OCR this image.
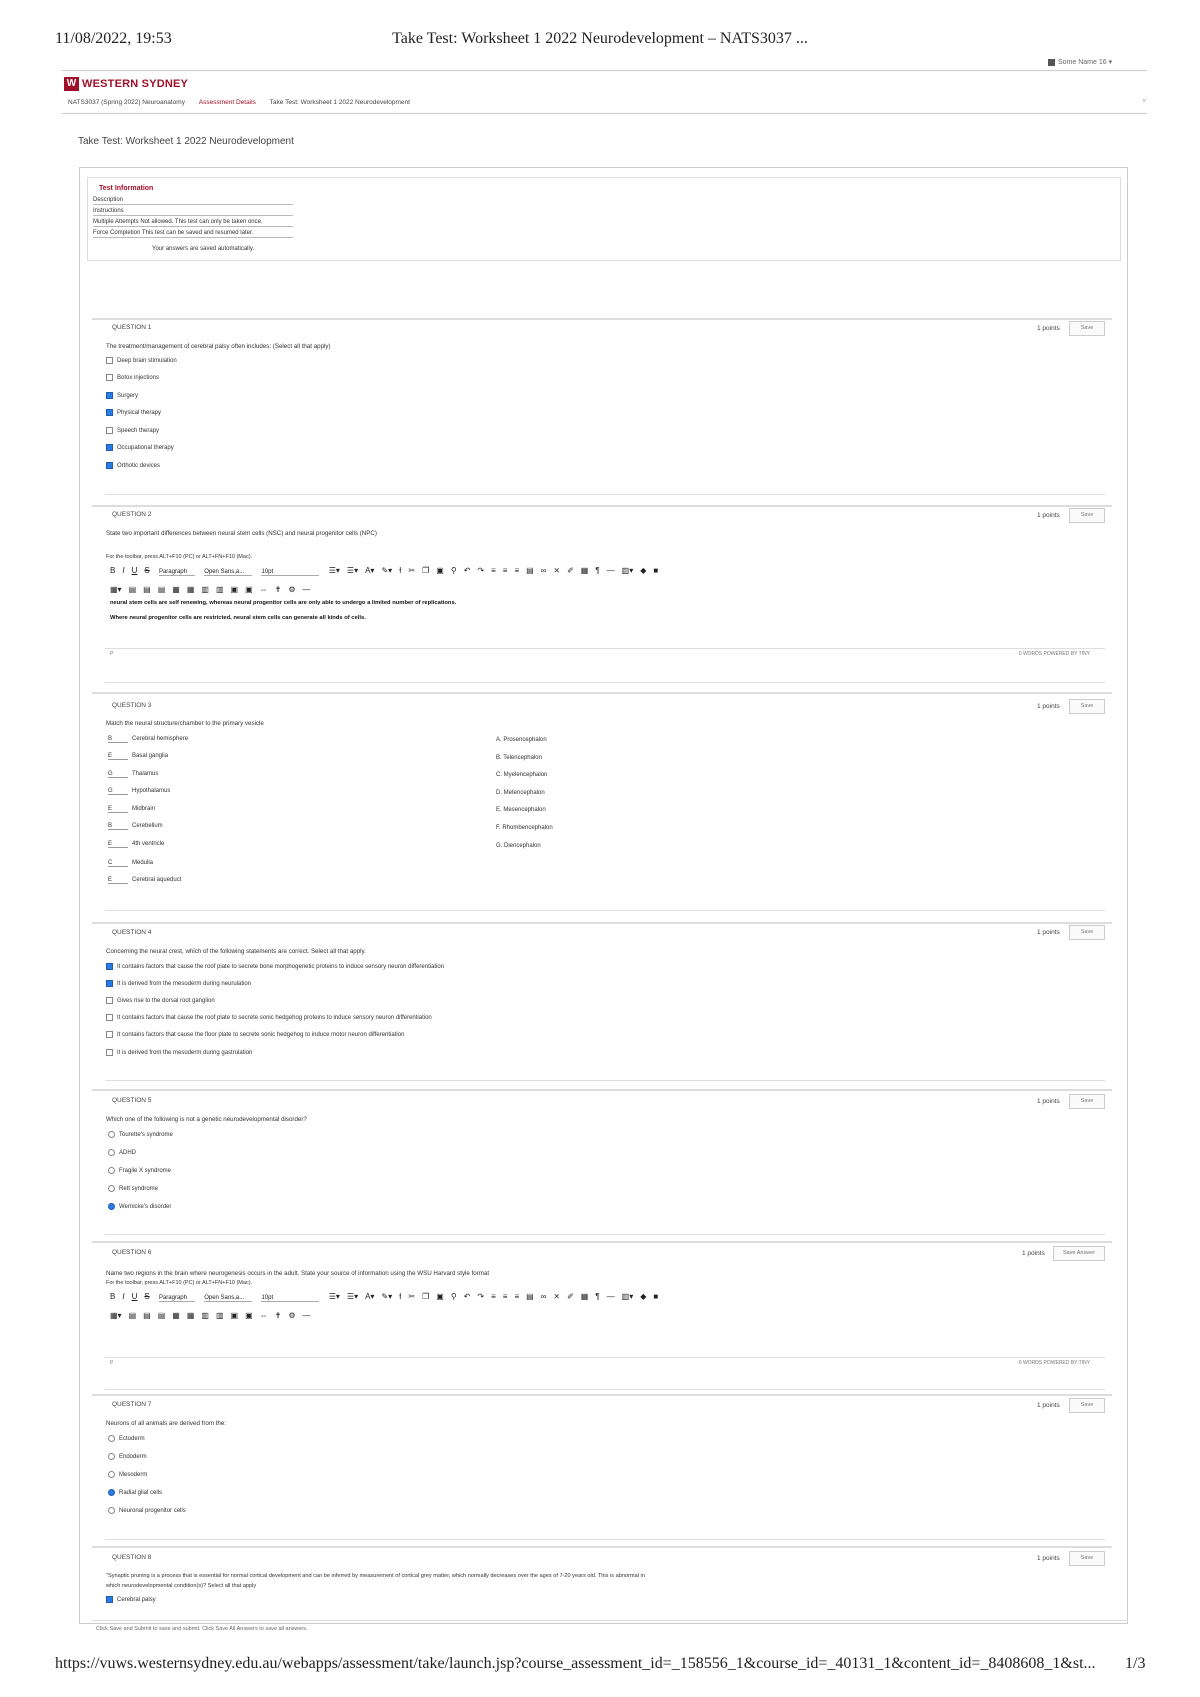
11/08/2022, 19:53	Take Test: Worksheet 1 2022 Neurodevelopment – NATS3037 ...
Some Name 16 ▾
W WESTERN SYDNEY
NATS3037 (Spring 2022) Neuroanatomy Assessment Details Take Test: Worksheet 1 2022 Neurodevelopment	˅
Take Test: Worksheet 1 2022 Neurodevelopment
Test Information
Description
Instructions
Multiple Attempts Not allowed. This test can only be taken once.
Force Completion This test can be saved and resumed later.
Your answers are saved automatically.
QUESTION 1	1 points	Save
The treatment/management of cerebral palsy often includes: (Select all that apply)
Deep brain stimulation
Botox injections
Surgery
Physical therapy
Speech therapy
Occupational therapy
Orthotic devices
QUESTION 2	1 points	Save
State two important differences between neural stem cells (NSC) and neural progenitor cells (NPC)
For the toolbar, press ALT+F10 (PC) or ALT+FN+F10 (Mac).
B I U S Paragraph	Open Sans,a...	10pt	☰▾ ☰▾ A▾ ✎▾ Ɨ ✂ ❐ ▣ ⚲ ↶ ↷ ≡ ≡ ≡ ▤ ∞ ⨯ ✐ ▦ ¶ — ▥▾ ◆ ■
▦▾ ▤ ▤ ▤ ▦ ▦ ▥ ▥ ▣ ▣ ⇔ ✝ ⚙ —
neural stem cells are self renewing, whereas neural progenitor cells are only able to undergo a limited number of replications.
Where neural progenitor cells are restricted, neural stem cells can generate all kinds of cells.
P	0 WORDS POWERED BY TINY
QUESTION 3	1 points	Save
Match the neural structure/chamber to the primary vesicle
B	Cerebral hemisphere
E	Basal ganglia
G	Thalamus
G	Hypothalamus
E	Midbrain
B	Cerebellum
E	4th ventricle
C	Medulla
E	Cerebral aqueduct
A. Prosencephalon
B. Telencephalon
C. Myelencephalon
D. Metencephalon
E. Mesencephalon
F. Rhombencephalon
G. Diencephalon
QUESTION 4	1 points	Save
Concerning the neural crest, which of the following statements are correct. Select all that apply.
It contains factors that cause the roof plate to secrete bone morphogenetic proteins to induce sensory neuron differentiation
It is derived from the mesoderm during neurulation
Gives rise to the dorsal root ganglion
It contains factors that cause the roof plate to secrete sonic hedgehog proteins to induce sensory neuron differentiation
It contains factors that cause the floor plate to secrete sonic hedgehog to induce motor neuron differentiation
It is derived from the mesoderm during gastrulation
QUESTION 5	1 points	Save
Which one of the following is not a genetic neurodevelopmental disorder?
Tourette's syndrome
ADHD
Fragile X syndrome
Rett syndrome
Wernicke's disorder
QUESTION 6	1 points	Save Answer
Name two regions in the brain where neurogenesis occurs in the adult. State your source of information using the WSU Harvard style format
For the toolbar, press ALT+F10 (PC) or ALT+FN+F10 (Mac).
B I U S Paragraph	Open Sans,a...	10pt	☰▾ ☰▾ A▾ ✎▾ Ɨ ✂ ❐ ▣ ⚲ ↶ ↷ ≡ ≡ ≡ ▤ ∞ ⨯ ✐ ▦ ¶ — ▥▾ ◆ ■
▦▾ ▤ ▤ ▤ ▦ ▦ ▥ ▥ ▣ ▣ ⇔ ✝ ⚙ —
P	0 WORDS POWERED BY TINY
QUESTION 7	1 points	Save
Neurons of all animals are derived from the:
Ectoderm
Endoderm
Mesoderm
Radial glial cells
Neuronal progenitor cells
QUESTION 8	1 points	Save
"Synaptic pruning is a process that is essential for normal cortical development and can be inferred by measurement of cortical grey matter, which normally decreases over the ages of 7-20 years old. This is abnormal in
which neurodevelopmental condition(s)? Select all that apply
Cerebral palsy
Click Save and Submit to save and submit. Click Save All Answers to save all answers.
https://vuws.westernsydney.edu.au/webapps/assessment/take/launch.jsp?course_assessment_id=_158556_1&course_id=_40131_1&content_id=_8408608_1&st... 1/3
